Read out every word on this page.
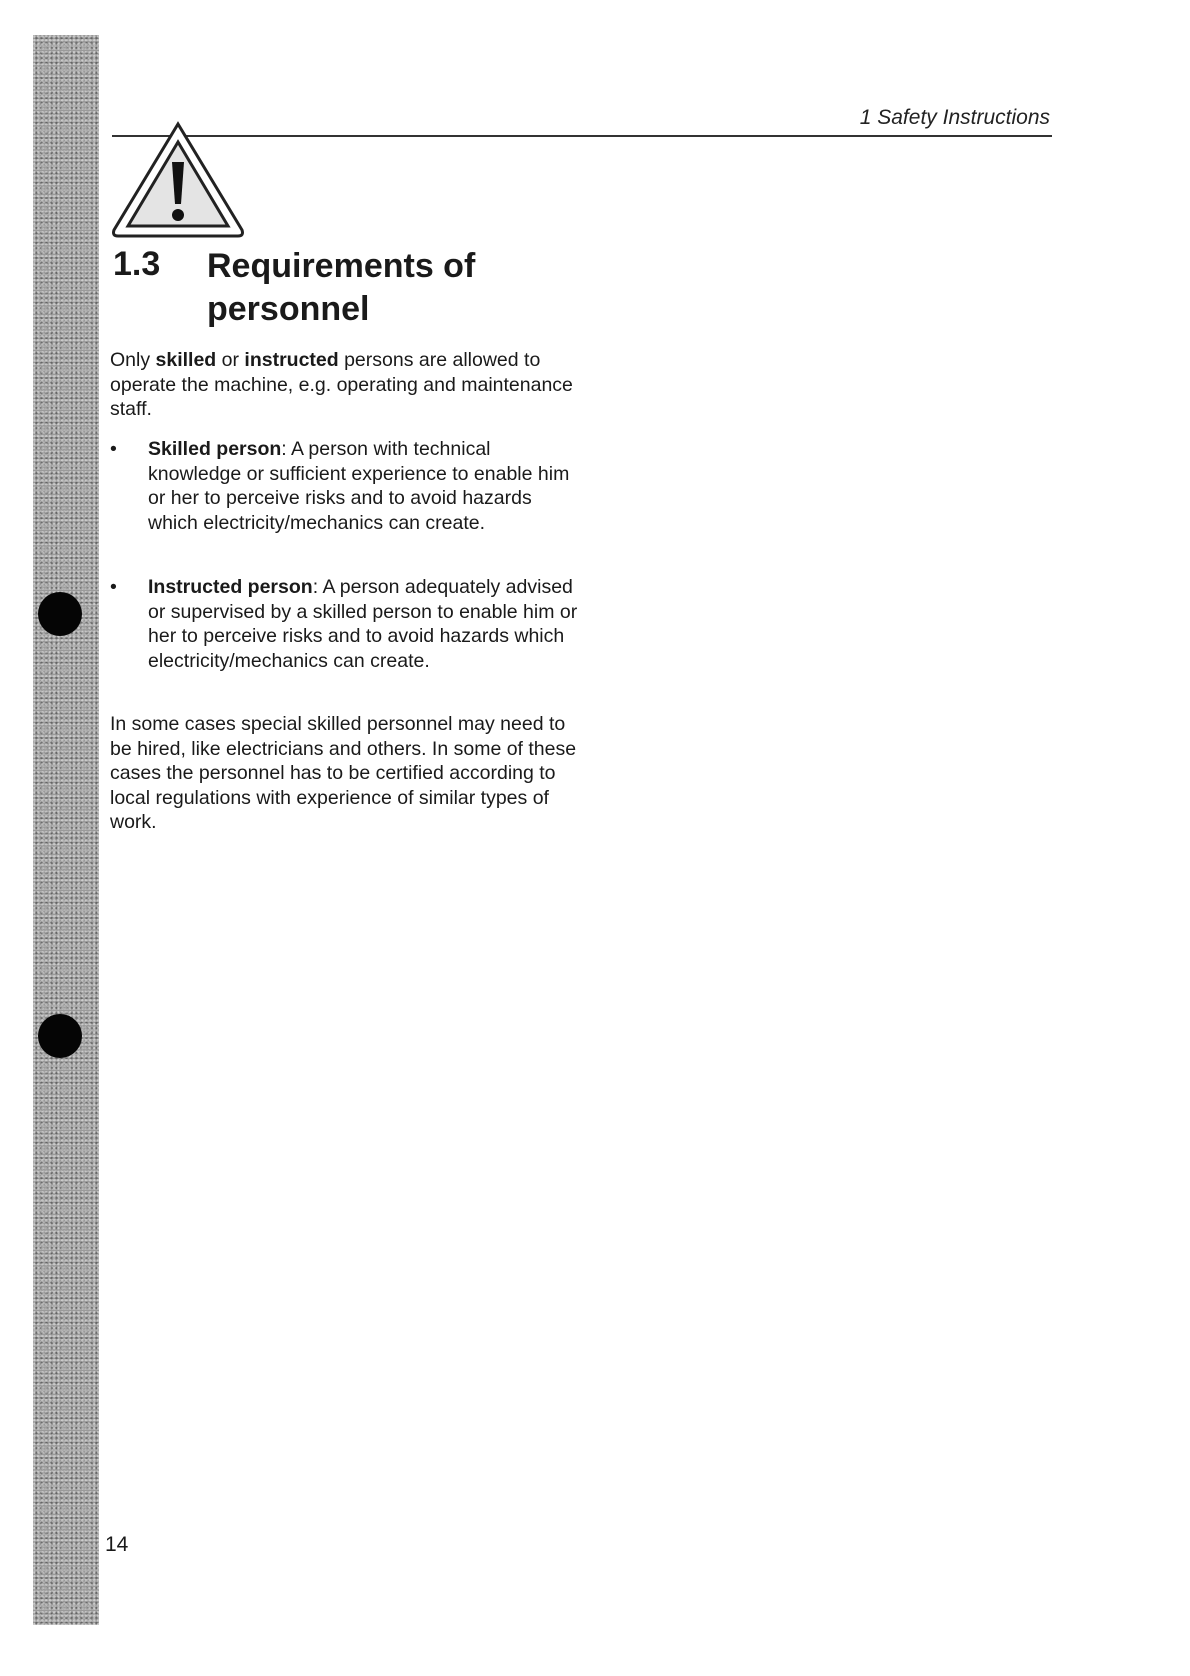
1 Safety Instructions
1.3 Requirements of
personnel

Only skilled or instructed persons are allowed to operate the machine, e.g. operating and maintenance staff.

•	Skilled person: A person with technical knowledge or sufficient experience to enable him or her to perceive risks and to avoid hazards which electricity/mechanics can create.
•	Instructed person: A person adequately advised or supervised by a skilled person to enable him or her to perceive risks and to avoid hazards which electricity/mechanics can create.

In some cases special skilled personnel may need to be hired, like electricians and others. In some of these cases the personnel has to be certified according to local regulations with experience of similar types of work.

14
